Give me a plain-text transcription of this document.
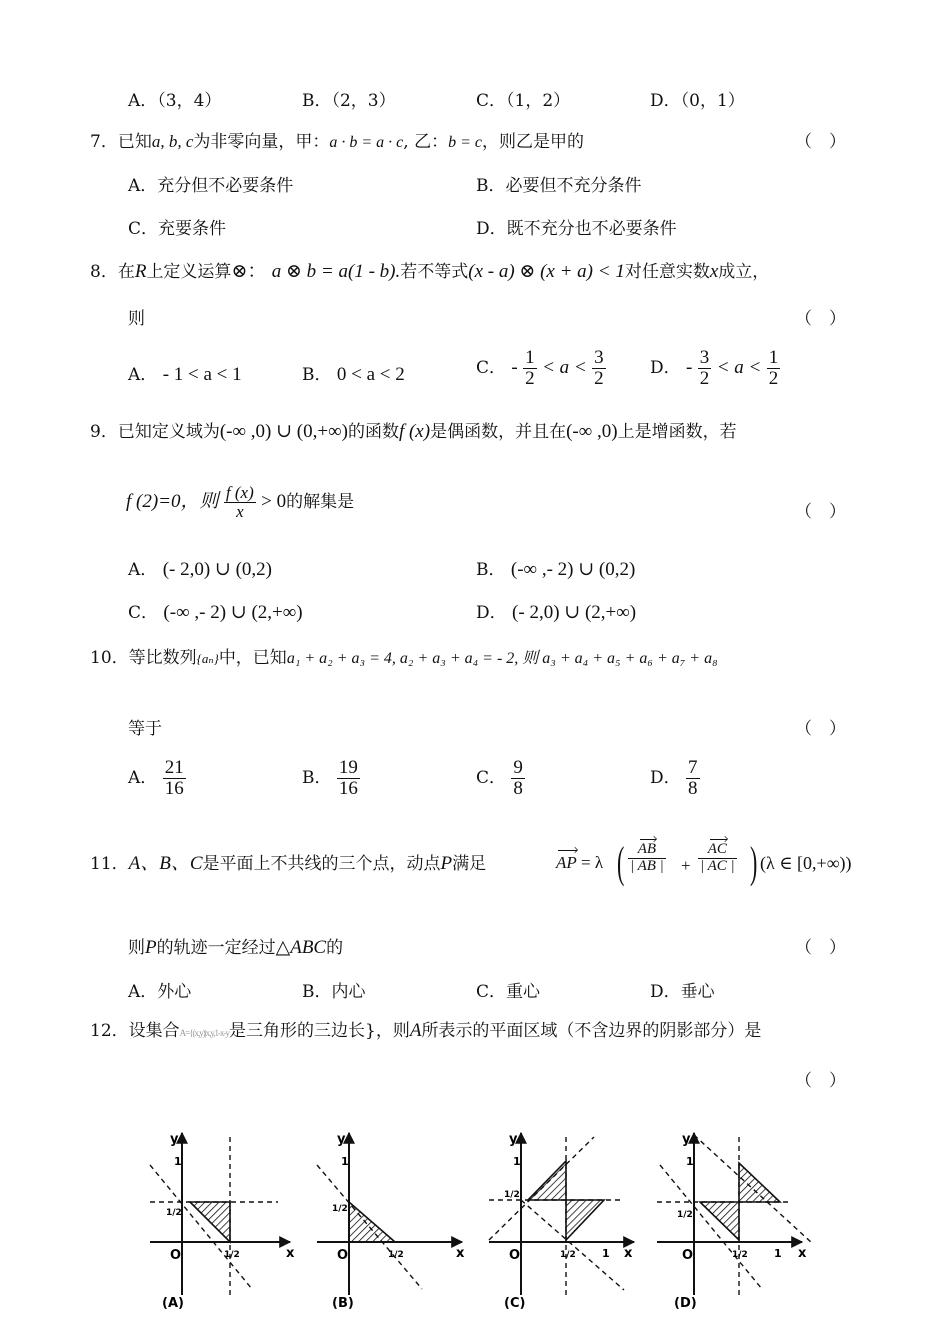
A．（3，4）	B．（2，3）	C．（1，2）	D．（0，1）
7．已知a, b, c为非零向量，甲：a · b = a · c, 乙：b = c，则乙是甲的	（　）
A．充分但不必要条件	B．必要但不充分条件
C．充要条件	D．既不充分也不必要条件
8．在R上定义运算⊗： a ⊗ b = a(1 - b).若不等式(x - a) ⊗ (x + a) < 1对任意实数x成立，
则	（　）
A． - 1 < a < 1	B． 0 < a < 2	C． - $\frac{1}{2} < a < \frac{3}{2}$	D． - $\frac{3}{2} < a < \frac{1}{2}$
9．已知定义域为(-∞ ,0) ∪ (0,+∞)的函数f (x)是偶函数，并且在(-∞ ,0)上是增函数，若
f (2)=0，则 $\frac{f (x)}{x} > 0$的解集是
（　）
A． (- 2,0) ∪ (0,2)	B． (-∞ ,- 2) ∪ (0,2)
C． (-∞ ,- 2) ∪ (2,+∞)	D． (- 2,0) ∪ (2,+∞)
10．等比数列{aₙ}中，已知a₁ + a₂ + a₃ = 4, a₂ + a₃ + a₄ = - 2, 则 a₃ + a₄ + a₅ + a₆ + a₇ + a₈
等于	（　）
A． $\frac{21}{16}$	B． $\frac{19}{16}$	C． $\frac{9}{8}$	D． $\frac{7}{8}$
11．A、B、C是平面上不共线的三个点，动点P满足	AP = λ ( $\frac{AB}{| AB |} + \frac{AC}{| AC |}$ ) (λ ∈ [0,+∞))
则P的轨迹一定经过△ABC的	（　）
A．外心	B．内心	C．重心	D．垂心
12．设集合A={(x,y)|x,y,1-x-y是三角形的三边长}，则A所表示的平面区域（不含边界的阴影部分）是
（　）
y
1
1/2
O	1/2	x
(A)
y
1
1/2
O	1/2	x
(B)
y
1
1/2
O	1/2 1 x
(C)
y
1
1/2
O	1/2 1 x
(D)
